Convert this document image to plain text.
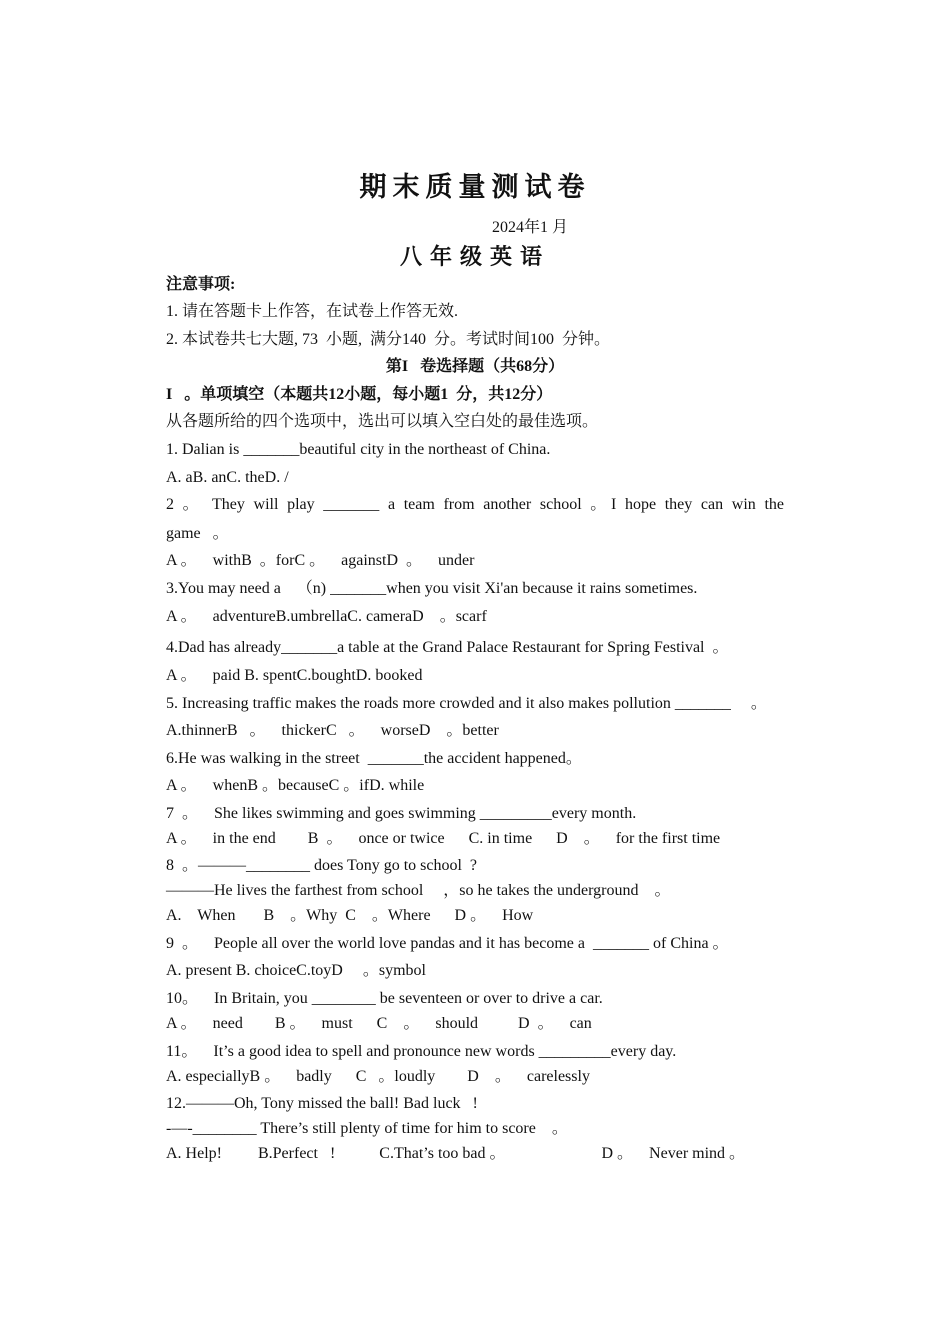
期末质量测试卷
2024年1 月
八年级英语
注意事项:
1. 请在答题卡上作答，在试卷上作答无效.
2. 本试卷共七大题, 73  小题,  满分140  分。考试时间100  分钟。
第I   卷选择题（共68分）
I   。单项填空（本题共12小题，每小题1  分，共12分）
从各题所给的四个选项中，选出可以填入空白处的最佳选项。
1. Dalian is _______beautiful city in the northeast of China.
A. aB. anC. theD. /
2 。 They will play _______ a team from another school 。I hope they can win the
game   。
A 。    withB  。forC 。    againstD  。    under
3.You may need a    （n) _______when you visit Xi'an because it rains sometimes.
A 。    adventureB.umbrellaC. cameraD    。scarf
4.Dad has already_______a table at the Grand Palace Restaurant for Spring Festival  。
A 。    paid B. spentC.boughtD. booked
5. Increasing traffic makes the roads more crowded and it also makes pollution _______     。
A.thinnerB   。    thickerC   。    worseD    。better
6.He was walking in the street  _______the accident happened。
A 。    whenB 。becauseC 。ifD. while
7  。    She likes swimming and goes swimming _________every month.
A 。    in the end        B  。    once or twice      C. in time      D    。    for the first time
8  。———________ does Tony go to school  ?
———He lives the farthest from school     ，so he takes the underground    。
A.    When       B    。Why  C    。Where      D 。    How
9  。    People all over the world love pandas and it has become a  _______ of China 。
A. present B. choiceC.toyD     。symbol
10。    In Britain, you ________ be seventeen or over to drive a car.
A 。    need        B 。    must      C    。    should          D  。    can
11。    It’s a good idea to spell and pronounce new words _________every day.
A. especiallyB 。    badly      C   。loudly        D    。    carelessly
12.———Oh, Tony missed the ball! Bad luck   !
-—-________ There’s still plenty of time for him to score    。
A. Help!         B.Perfect   !           C.That’s too bad 。                        D 。    Never mind 。
